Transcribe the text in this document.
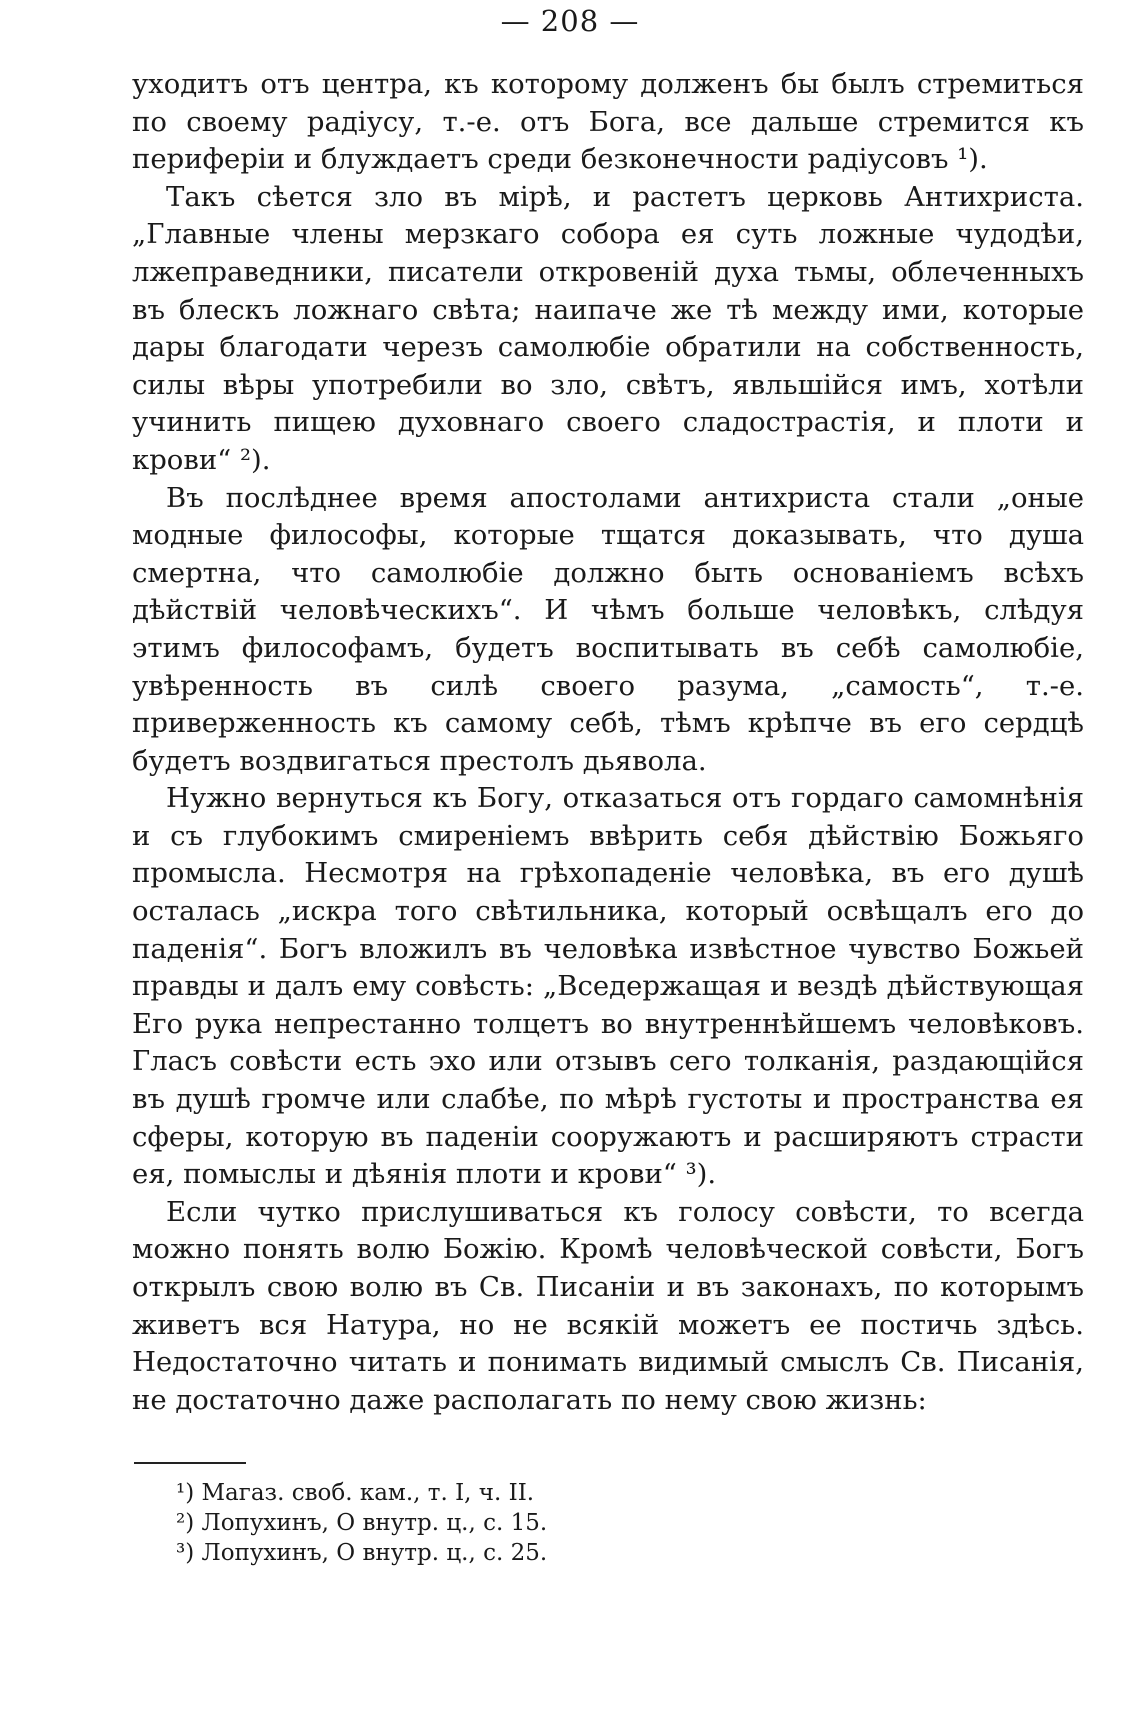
— 208 —

уходитъ отъ центра, къ которому долженъ бы былъ стремиться по своему радіусу, т.-е. отъ Бога, все дальше стремится къ периферіи и блуждаетъ среди безконечности радіусовъ ¹).

Такъ сѣется зло въ мірѣ, и растетъ церковь Антихриста. „Главные члены мерзкаго собора ея суть ложные чудодѣи, лжеправедники, писатели откровеній духа тьмы, облеченныхъ въ блескъ ложнаго свѣта; наипаче же тѣ между ими, которые дары благодати черезъ самолюбіе обратили на собственность, силы вѣры употребили во зло, свѣтъ, явльшійся имъ, хотѣли учинить пищею духовнаго своего сладострастія, и плоти и крови“ ²).

Въ послѣднее время апостолами антихриста стали „оные модные философы, которые тщатся доказывать, что душа смертна, что самолюбіе должно быть основаніемъ всѣхъ дѣйствій человѣческихъ“. И чѣмъ больше человѣкъ, слѣдуя этимъ философамъ, будетъ воспитывать въ себѣ самолюбіе, увѣренность въ силѣ своего разума, „самость“, т.-е. приверженность къ самому себѣ, тѣмъ крѣпче въ его сердцѣ будетъ воздвигаться престолъ дьявола.

Нужно вернуться къ Богу, отказаться отъ гордаго самомнѣнія и съ глубокимъ смиреніемъ ввѣрить себя дѣйствію Божьяго промысла. Несмотря на грѣхопаденіе человѣка, въ его душѣ осталась „искра того свѣтильника, который освѣщалъ его до паденія“. Богъ вложилъ въ человѣка извѣстное чувство Божьей правды и далъ ему совѣсть: „Вседержащая и вездѣ дѣйствующая Его рука непрестанно толцетъ во внутреннѣйшемъ человѣковъ. Гласъ совѣсти есть эхо или отзывъ сего толканія, раздающійся въ душѣ громче или слабѣе, по мѣрѣ густоты и пространства ея сферы, которую въ паденіи сооружаютъ и расширяютъ страсти ея, помыслы и дѣянія плоти и крови“ ³).

Если чутко прислушиваться къ голосу совѣсти, то всегда можно понять волю Божію. Кромѣ человѣческой совѣсти, Богъ открылъ свою волю въ Св. Писаніи и въ законахъ, по которымъ живетъ вся Натура, но не всякій можетъ ее постичь здѣсь. Недостаточно читать и понимать видимый смыслъ Св. Писанія, не достаточно даже располагать по нему свою жизнь:

¹) Магаз. своб. кам., т. I, ч. II.
²) Лопухинъ, О внутр. ц., с. 15.
³) Лопухинъ, О внутр. ц., с. 25.
